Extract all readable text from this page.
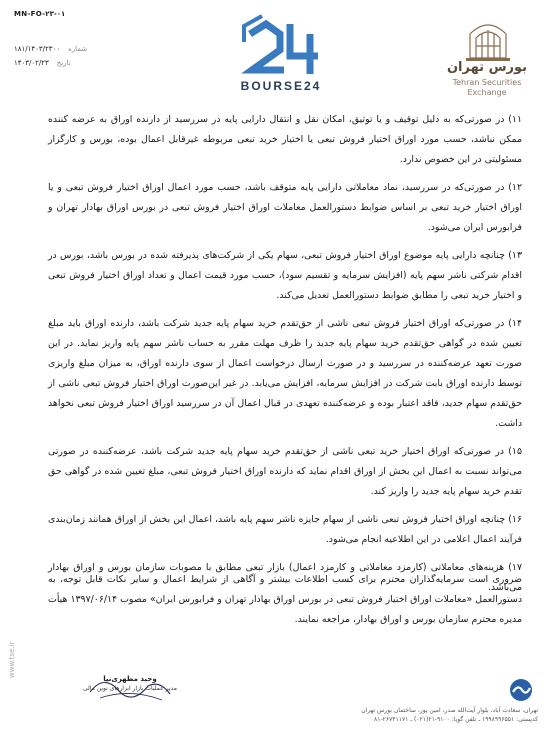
MN-FO-۲۳-۰۱
۱۸۱/۱۴۰۳/۲۳۰۰ شماره
۱۴۰۳/۰۲/۲۳ تاریخ
BOURSE24
بورس تهران
Tehran Securities
Exchange

۱۱) در صورتی‌که به دلیل توقیف و یا توثیق، امکان نقل و انتقال دارایی پایه در سررسید از دارنده اوراق به عرضه کننده ممکن نباشد، حسب مورد اوراق اختیار فروش تبعی یا اختیار خرید تبعی مربوطه غیرقابل اعمال بوده، بورس و کارگزار مسئولیتی در این خصوص ندارد.

۱۲) در صورتی‌که در سررسید، نماد معاملاتی دارایی پایه متوقف باشد، حسب مورد اعمال اوراق اختیار فروش تبعی و یا اوراق اختیار خرید تبعی بر اساس ضوابط دستورالعمل معاملات اوراق اختیار فروش تبعی در بورس اوراق بهادار تهران و فرابورس ایران می‌شود.

۱۳) چنانچه دارایی پایه موضوع اوراق اختیار فروش تبعی، سهام یکی از شرکت‌های پذیرفته شده در بورس باشد، بورس در اقدام شرکتی ناشر سهم پایه (افزایش سرمایه و تقسیم سود)، حسب مورد قیمت اعمال و تعداد اوراق اختیار فروش تبعی و اختیار خرید تبعی را مطابق ضوابط دستورالعمل تعدیل می‌کند.

۱۴) در صورتی‌که اوراق اختیار فروش تبعی ناشی از حق‌تقدم خرید سهام پایه جدید شرکت باشد، دارنده اوراق باید مبلغ تعیین شده در گواهی حق‌تقدم خرید سهام پایه جدید را ظرف مهلت مقرر به حساب ناشر سهم پایه واریز نماید. در این صورت تعهد عرضه‌کننده در سررسید و در صورت ارسال درخواست اعمال از سوی دارنده اوراق، به میزان مبلغ واریزی توسط دارنده اوراق بابت شرکت در افزایش سرمایه، افزایش می‌یابد. در غیر این‌صورت اوراق اختیار فروش تبعی ناشی از حق‌تقدم سهام جدید، فاقد اعتبار بوده و عرضه‌کننده تعهدی در قبال اعمال آن در سررسید اوراق اختیار فروش تبعی نخواهد داشت.

۱۵) در صورتی‌که اوراق اختیار خرید تبعی ناشی از حق‌تقدم خرید سهام پایه جدید شرکت باشد، عرضه‌کننده در صورتی می‌تواند نسبت به اعمال این بخش از اوراق اقدام نماید که دارنده اوراق اختیار فروش تبعی، مبلغ تعیین شده در گواهی حق تقدم خرید سهام پایه جدید را واریز کند.

۱۶) چنانچه اوراق اختیار فروش تبعی ناشی از سهام جایزه ناشر سهم پایه باشد، اعمال این بخش از اوراق همانند زمان‌بندی فرآیند اعمال اعلامی در این اطلاعیه انجام می‌شود.

۱۷) هزینه‌های معاملاتی (کارمزد معاملاتی و کارمزد اعمال) بازار تبعی مطابق با مصوبات سازمان بورس و اوراق بهادار می‌باشد.

ضروری است سرمایه‌گذاران محترم برای کسب اطلاعات بیشتر و آگاهی از شرایط اعمال و سایر نکات قابل توجه، به دستورالعمل «معاملات اوراق اختیار فروش تبعی در بورس اوراق بهادار تهران و فرابورس ایران» مصوب ۱۳۹۷/۰۶/۱۴ هیأت مدیره محترم سازمان بورس و اوراق بهادار، مراجعه نمایند.
www.tse.ir
وحید مطهری‌نیا
مدیر عملیات بازار ابزارهای نوین مالی
تهران، سعادت آباد، بلوار آیت‌الله صدر، امین پور، ساختمان بورس تهران
کدپستی: ۱۹۹۸۹۹۶۵۵۱ ـ تلفن گویا: ۹۱۰۰-۲۱(۰۲۱) ـ ۲۶۷۴۱۱۷۱-۸۱
